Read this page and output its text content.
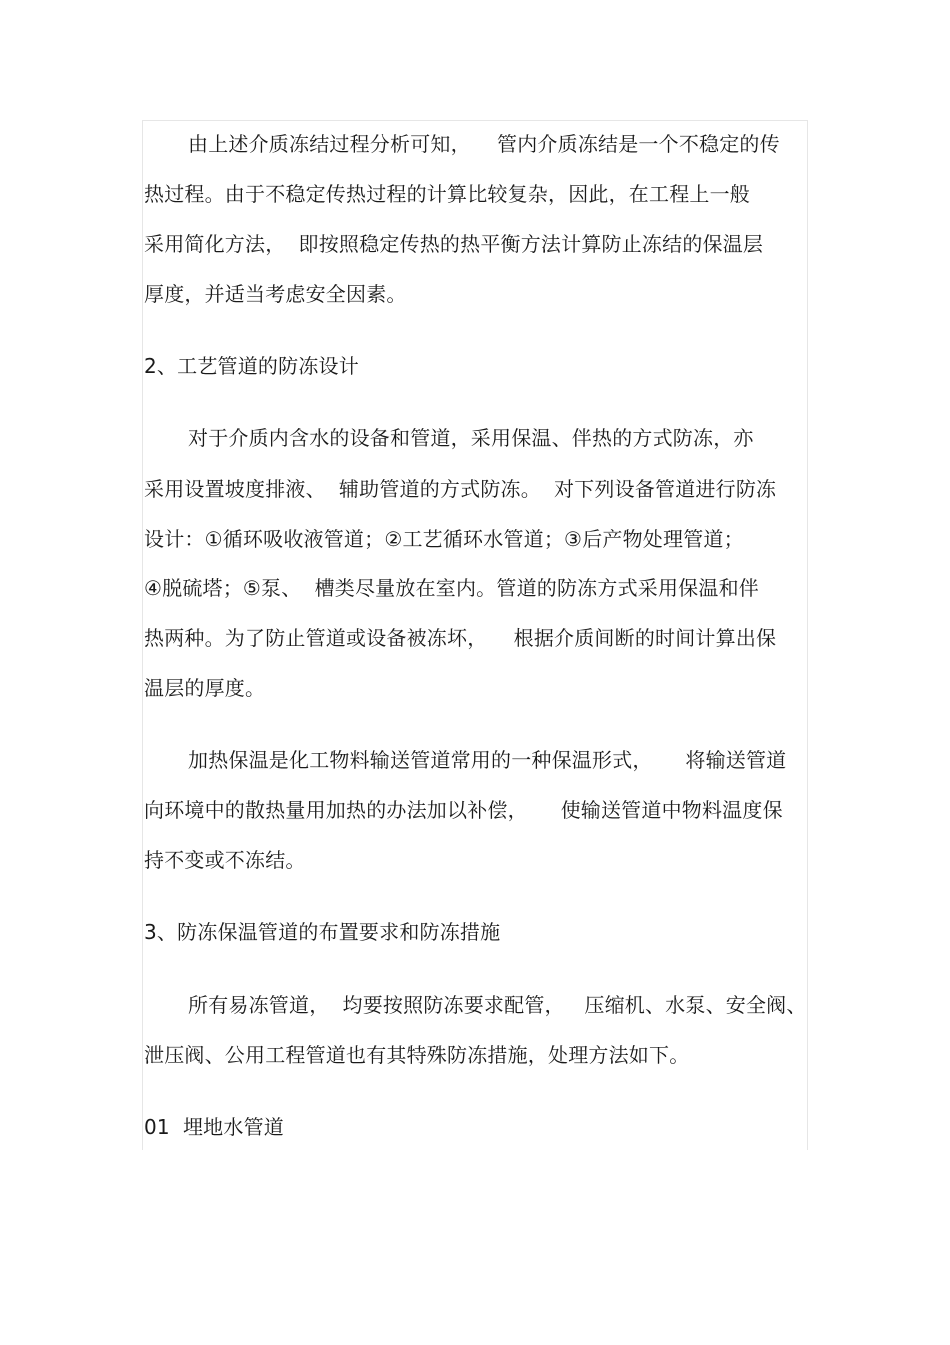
由上述介质冻结过程分析可知，    管内介质冻结是一个不稳定的传
热过程。由于不稳定传热过程的计算比较复杂，因此，在工程上一般
采用简化方法，  即按照稳定传热的热平衡方法计算防止冻结的保温层
厚度，并适当考虑安全因素。
2、工艺管道的防冻设计
对于介质内含水的设备和管道，采用保温、伴热的方式防冻，亦
采用设置坡度排液、  辅助管道的方式防冻。  对下列设备管道进行防冻
设计：①循环吸收液管道；②工艺循环水管道；③后产物处理管道；
④脱硫塔；⑤泵、  槽类尽量放在室内。管道的防冻方式采用保温和伴
热两种。为了防止管道或设备被冻坏，    根据介质间断的时间计算出保
温层的厚度。
加热保温是化工物料输送管道常用的一种保温形式，     将输送管道
向环境中的散热量用加热的办法加以补偿，     使输送管道中物料温度保
持不变或不冻结。
3、防冻保温管道的布置要求和防冻措施
所有易冻管道，  均要按照防冻要求配管，   压缩机、水泵、安全阀、
泄压阀、公用工程管道也有其特殊防冻措施，处理方法如下。
01  埋地水管道
